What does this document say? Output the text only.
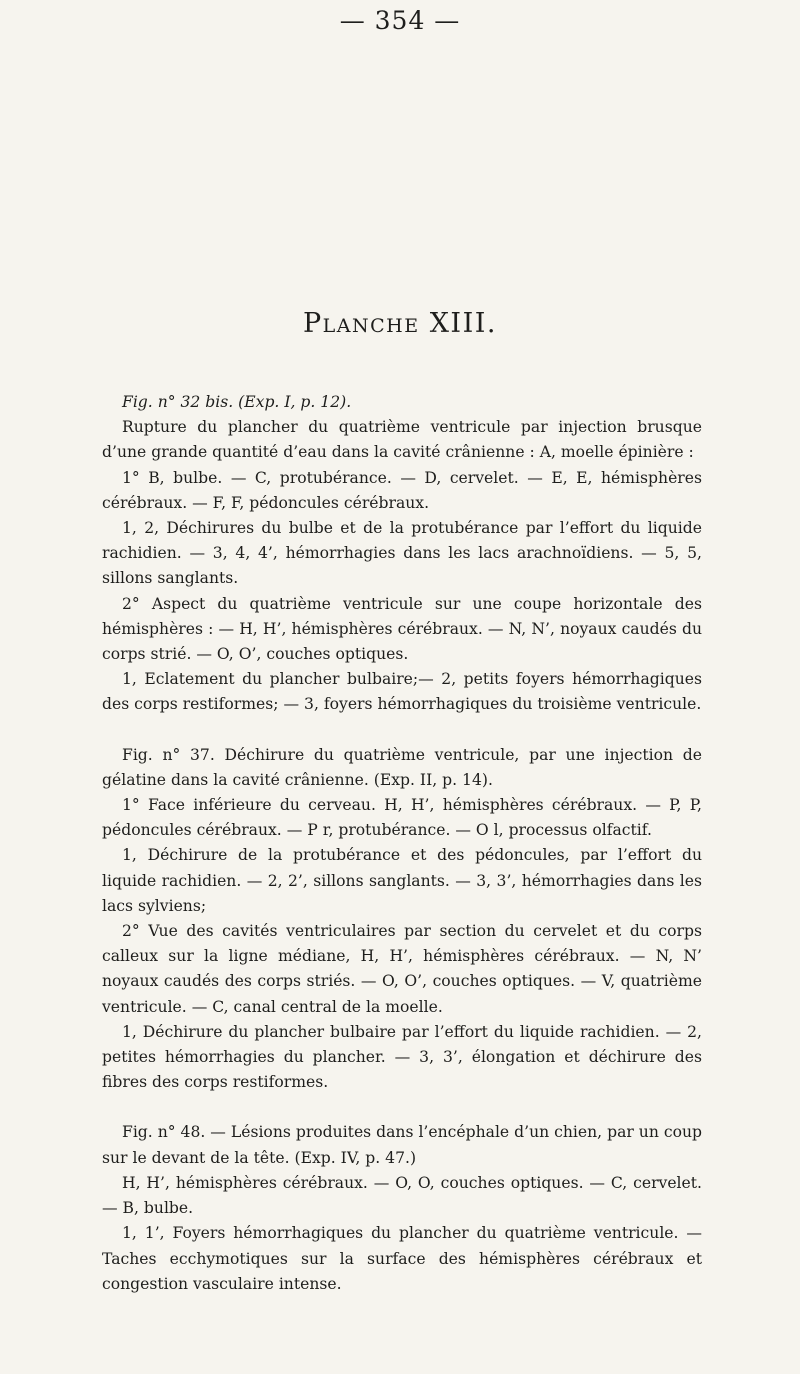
— 354 —
Planche XIII.

Fig. n° 32 bis. (Exp. I, p. 12).

Rupture du plancher du quatrième ventricule par injection brusque d’une grande quantité d’eau dans la cavité crânienne : A, moelle épinière :

1° B, bulbe. — C, protubérance. — D, cervelet. — E, E, hémisphères cérébraux. — F, F, pédoncules cérébraux.

1, 2, Déchirures du bulbe et de la protubérance par l’effort du liquide rachidien. — 3, 4, 4’, hémorrhagies dans les lacs arachnoïdiens. — 5, 5, sillons sanglants.

2° Aspect du quatrième ventricule sur une coupe horizontale des hémisphères : — H, H’, hémisphères cérébraux. — N, N’, noyaux caudés du corps strié. — O, O’, couches optiques.

1, Eclatement du plancher bulbaire;— 2, petits foyers hémorrhagiques des corps restiformes; — 3, foyers hémorrhagiques du troisième ventricule.

Fig. n° 37. Déchirure du quatrième ventricule, par une injection de gélatine dans la cavité crânienne. (Exp. II, p. 14).

1° Face inférieure du cerveau. H, H’, hémisphères cérébraux. — P, P, pédoncules cérébraux. — P r, protubérance. — O l, processus olfactif.

1, Déchirure de la protubérance et des pédoncules, par l’effort du liquide rachidien. — 2, 2’, sillons sanglants. — 3, 3’, hémorrhagies dans les lacs sylviens;

2° Vue des cavités ventriculaires par section du cervelet et du corps calleux sur la ligne médiane, H, H’, hémisphères cérébraux. — N, N’ noyaux caudés des corps striés. — O, O’, couches optiques. — V, quatrième ventricule. — C, canal central de la moelle.

1, Déchirure du plancher bulbaire par l’effort du liquide rachidien. — 2, petites hémorrhagies du plancher. — 3, 3’, élongation et déchirure des fibres des corps restiformes.

Fig. n° 48. — Lésions produites dans l’encéphale d’un chien, par un coup sur le devant de la tête. (Exp. IV, p. 47.)

H, H’, hémisphères cérébraux. — O, O, couches optiques. — C, cervelet. — B, bulbe.

1, 1’, Foyers hémorrhagiques du plancher du quatrième ventricule. — Taches ecchymotiques sur la surface des hémisphères cérébraux et congestion vasculaire intense.
